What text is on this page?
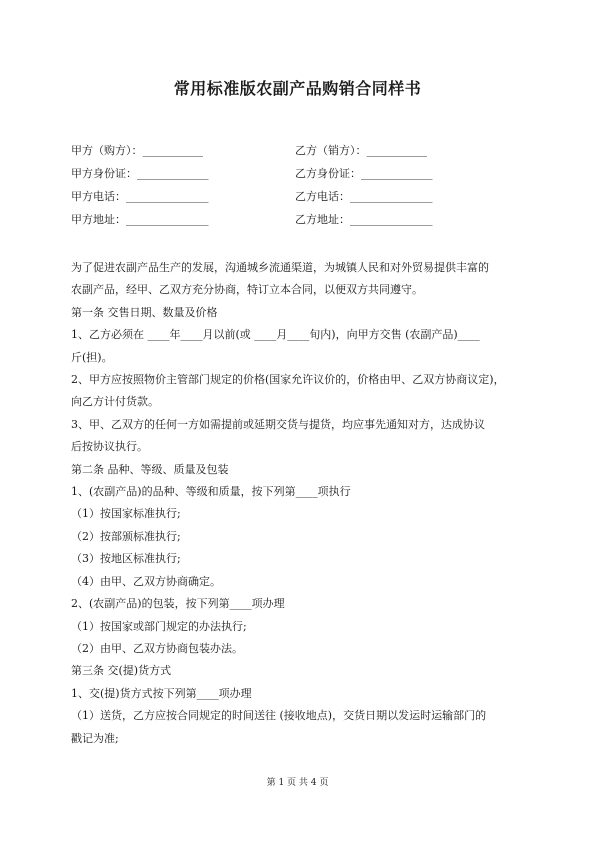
常用标准版农副产品购销合同样书
甲方（购方）：___________	乙方（销方）：___________
甲方身份证：_____________	乙方身份证：_____________
甲方电话：_______________	乙方电话：_______________
甲方地址：_______________	乙方地址：_______________

为了促进农副产品生产的发展，沟通城乡流通渠道，为城镇人民和对外贸易提供丰富的

农副产品，经甲、乙双方充分协商，特订立本合同，以便双方共同遵守。

第一条 交售日期、数量及价格

1、乙方必须在 ____年____月以前(或 ____月____旬内)，向甲方交售 (农副产品)____

斤(担)。

2、甲方应按照物价主管部门规定的价格(国家允许议价的，价格由甲、乙双方协商议定)，

向乙方计付货款。

3、甲、乙双方的任何一方如需提前或延期交货与提货，均应事先通知对方，达成协议

后按协议执行。

第二条 品种、等级、质量及包装

1、(农副产品)的品种、等级和质量，按下列第____项执行

（1）按国家标准执行;

（2）按部颁标准执行;

（3）按地区标准执行;

（4）由甲、乙双方协商确定。

2、(农副产品)的包装，按下列第____项办理

（1）按国家或部门规定的办法执行;

（2）由甲、乙双方协商包装办法。

第三条 交(提)货方式

1、交(提)货方式按下列第____项办理

（1）送货，乙方应按合同规定的时间送往 (接收地点)，交货日期以发运时运输部门的

戳记为准;

第 1 页 共 4 页
